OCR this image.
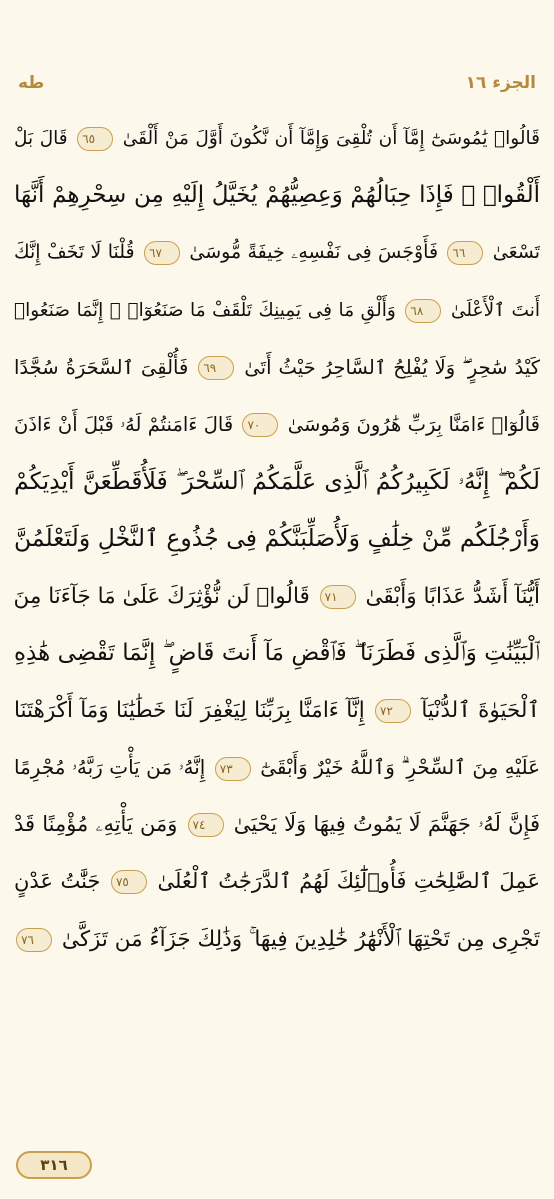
طه	الجزء ١٦
قَالُوا۟ يَٰمُوسَىٰٓ إِمَّآ أَن تُلْقِىَ وَإِمَّآ أَن نَّكُونَ أَوَّلَ مَنْ أَلْقَىٰ ٦٥ قَالَ بَلْ
أَلْقُوا۟ ۖ فَإِذَا حِبَالُهُمْ وَعِصِيُّهُمْ يُخَيَّلُ إِلَيْهِ مِن سِحْرِهِمْ أَنَّهَا
تَسْعَىٰ ٦٦ فَأَوْجَسَ فِى نَفْسِهِۦ خِيفَةً مُّوسَىٰ ٦٧ قُلْنَا لَا تَخَفْ إِنَّكَ
أَنتَ ٱلْأَعْلَىٰ ٦٨ وَأَلْقِ مَا فِى يَمِينِكَ تَلْقَفْ مَا صَنَعُوٓا۟ ۖ إِنَّمَا صَنَعُوا۟
كَيْدُ سَٰحِرٍ ۖ وَلَا يُفْلِحُ ٱلسَّاحِرُ حَيْثُ أَتَىٰ ٦٩ فَأُلْقِىَ ٱلسَّحَرَةُ سُجَّدًا
قَالُوٓا۟ ءَامَنَّا بِرَبِّ هَٰرُونَ وَمُوسَىٰ ٧٠ قَالَ ءَامَنتُمْ لَهُۥ قَبْلَ أَنْ ءَاذَنَ
لَكُمْ ۖ إِنَّهُۥ لَكَبِيرُكُمُ ٱلَّذِى عَلَّمَكُمُ ٱلسِّحْرَ ۖ فَلَأُقَطِّعَنَّ أَيْدِيَكُمْ
وَأَرْجُلَكُم مِّنْ خِلَٰفٍ وَلَأُصَلِّبَنَّكُمْ فِى جُذُوعِ ٱلنَّخْلِ وَلَتَعْلَمُنَّ
أَيُّنَآ أَشَدُّ عَذَابًا وَأَبْقَىٰ ٧١ قَالُوا۟ لَن نُّؤْثِرَكَ عَلَىٰ مَا جَآءَنَا مِنَ
ٱلْبَيِّنَٰتِ وَٱلَّذِى فَطَرَنَا ۖ فَٱقْضِ مَآ أَنتَ قَاضٍ ۖ إِنَّمَا تَقْضِى هَٰذِهِ
ٱلْحَيَوٰةَ ٱلدُّنْيَآ ٧٢ إِنَّآ ءَامَنَّا بِرَبِّنَا لِيَغْفِرَ لَنَا خَطَٰيَٰنَا وَمَآ أَكْرَهْتَنَا
عَلَيْهِ مِنَ ٱلسِّحْرِ ۗ وَٱللَّهُ خَيْرٌ وَأَبْقَىٰٓ ٧٣ إِنَّهُۥ مَن يَأْتِ رَبَّهُۥ مُجْرِمًا
فَإِنَّ لَهُۥ جَهَنَّمَ لَا يَمُوتُ فِيهَا وَلَا يَحْيَىٰ ٧٤ وَمَن يَأْتِهِۦ مُؤْمِنًا قَدْ
عَمِلَ ٱلصَّٰلِحَٰتِ فَأُو۟لَٰٓئِكَ لَهُمُ ٱلدَّرَجَٰتُ ٱلْعُلَىٰ ٧٥ جَنَّٰتُ عَدْنٍ
تَجْرِى مِن تَحْتِهَا ٱلْأَنْهَٰرُ خَٰلِدِينَ فِيهَا ۚ وَذَٰلِكَ جَزَآءُ مَن تَزَكَّىٰ ٧٦
٣١٦
